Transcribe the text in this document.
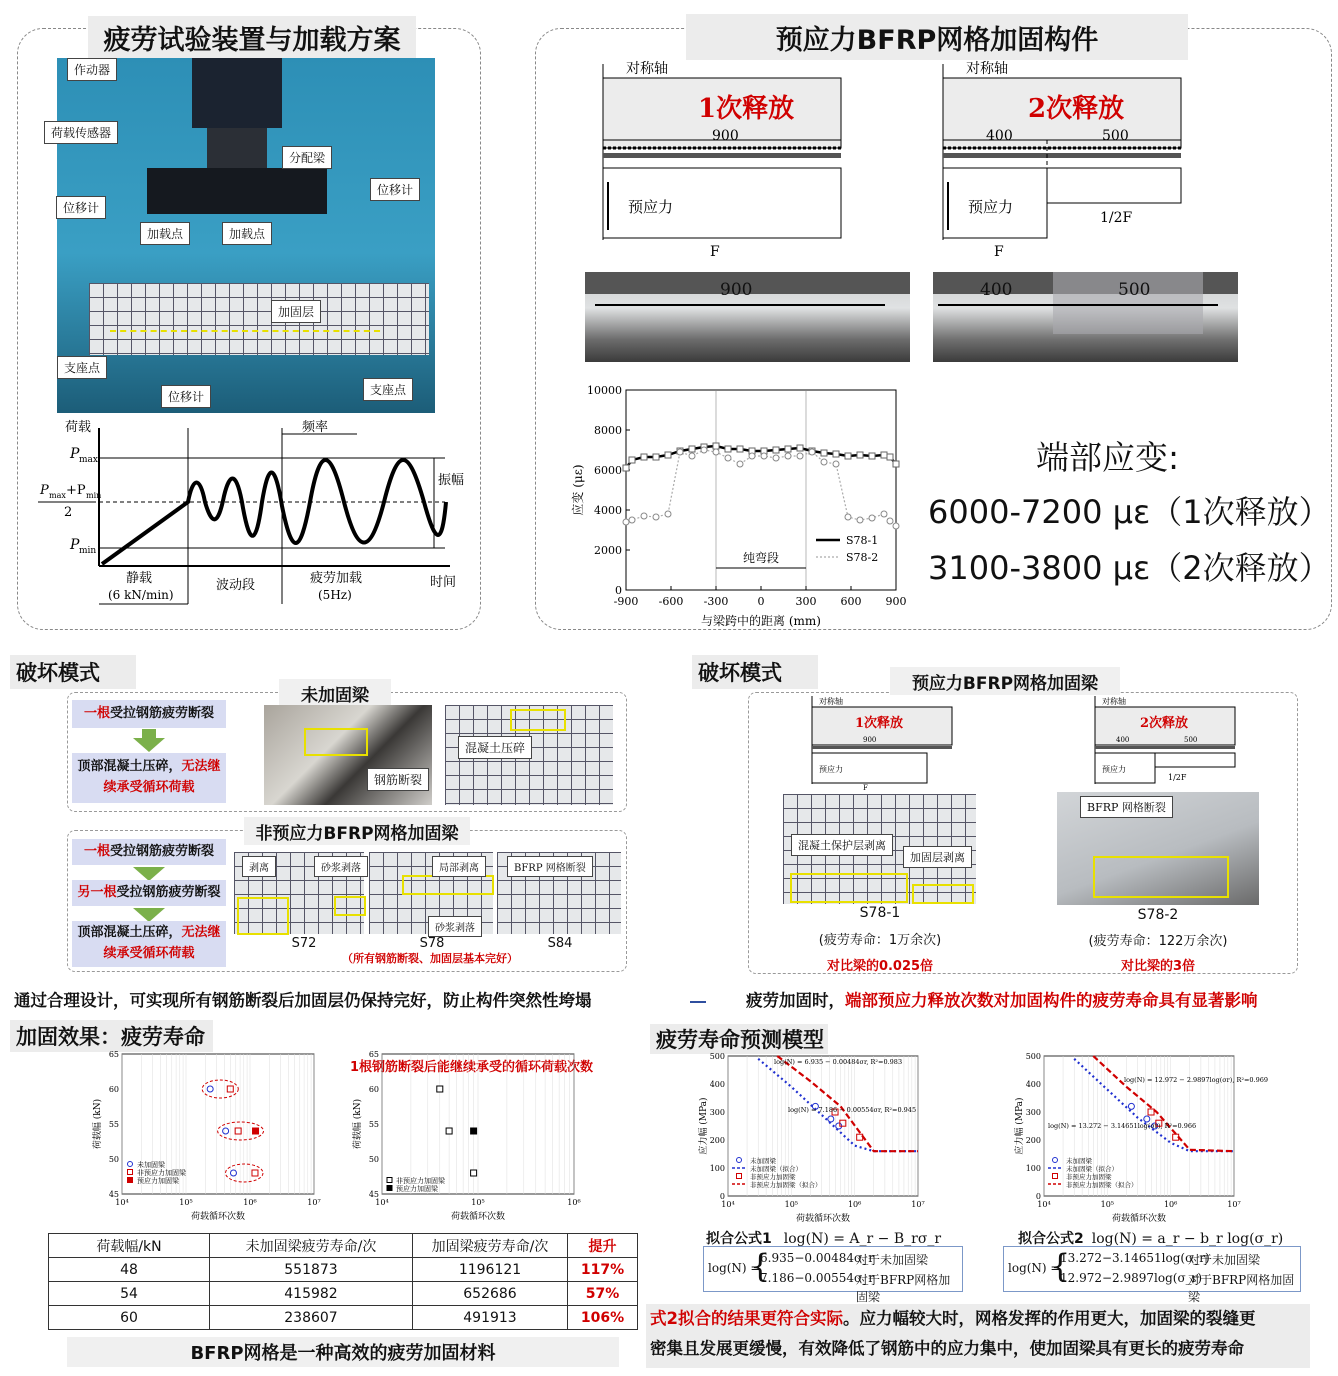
疲劳试验装置与加载方案
作动器
荷载传感器
分配梁
位移计
位移计
加载点	加载点
加固层
支座点
位移计	支座点
荷载
P max
P max +P min
2
P min
频率
振幅
静载
(6 kN/min)
波动段	疲劳加载
(5Hz)
时间
预应力BFRP网格加固构件
对称轴
1次释放
900
预应力
F
对称轴
2次释放
400	500
预应力
1/2F
F
900	400	500
-900 -600 -300	0	300 600 900
0
2000
4000
6000
8000
10000
与梁跨中的距离 (mm)
应变 (με)
纯弯段
S78-1
S78-2
端部应变:
6000-7200 με（1次释放）
3100-3800 με（2次释放）
破坏模式
未加固梁
一根 受拉钢筋疲劳断裂
顶部混凝土压碎，无法继续承受循环荷载	钢筋断裂
混凝土压碎
非预应力BFRP网格加固梁
一根 受拉钢筋疲劳断裂
另一根 受拉钢筋疲劳断裂
顶部混凝土压碎，无法继续承受循环荷载
剥离	砂浆剥落	局部剥离
砂浆剥落
BFRP 网格断裂
S72	S78	S84
（所有钢筋断裂、加固层基本完好）
通过合理设计，可实现所有钢筋断裂后加固层仍保持完好，防止构件突然性垮塌
破坏模式	预应力BFRP网格加固梁
对称轴
1次释放
900
预应力
F
对称轴
2次释放
400	500
预应力
1/2F
混凝土保护层剥离
加固层剥离
BFRP 网格断裂
S78-1
(疲劳寿命：1万余次)
对比梁的0.025倍
S78-2
(疲劳寿命：122万余次)
对比梁的3倍
疲劳加固时，端部预应力释放次数对加固构件的疲劳寿命具有显著影响
加固效果：疲劳寿命
10⁴	10⁵	10⁶	10⁷
45
50
55
60
65
荷载循环次数
荷载幅 (kN)
未加固梁
非预应力加固梁
预应力加固梁
1根钢筋断裂后能继续承受的循环荷载次数
10⁴	10⁵	10⁶
45
50
55
60
65
荷载循环次数
荷载幅 (kN)
非预应力加固梁
预应力加固梁
荷载幅/kN	未加固梁疲劳寿命/次	加固梁疲劳寿命/次	提升
48	551873	1196121	117%
54	415982	652686	57%
60	238607	491913	106%
BFRP网格是一种高效的疲劳加固材料
疲劳寿命预测模型
10⁴	10⁵	10⁶	10⁷
0
100
200
300
400
500
荷载循环次数
应力幅 (MPa)
未加固梁
未加固梁（拟合）
非预应力加固梁
非预应力加固梁（拟合）
log(N) = 6.935 − 0.00484σr, R²=0.983
log(N) = 7.186 − 0.00554σr, R²=0.945
10⁴	10⁵	10⁶	10⁷
0
100
200
300
400
500
荷载循环次数
应力幅 (MPa)
未加固梁
未加固梁（拟合）
非预应力加固梁
非预应力加固梁（拟合）
log(N) = 12.972 − 2.9897log(σr), R²=0.969
log(N) = 13.272 − 3.14651log(σr), R²=0.966
拟合公式1 log(N) = A_r − B_rσ_r
log(N) =
{
6.935−0.00484σ_r
对于未加固梁
7.186−0.00554σ_r
对于BFRP网格加固梁
拟合公式2 log(N) = a_r − b_r log(σ_r)
log(N) =
{
13.272−3.14651log(σ_r)
对于未加固梁
12.972−2.9897log(σ_r)
对于BFRP网格加固梁
式2拟合的结果更符合实际。应力幅较大时，网格发挥的作用更大，加固梁的裂缝更
密集且发展更缓慢，有效降低了钢筋中的应力集中，使加固梁具有更长的疲劳寿命
